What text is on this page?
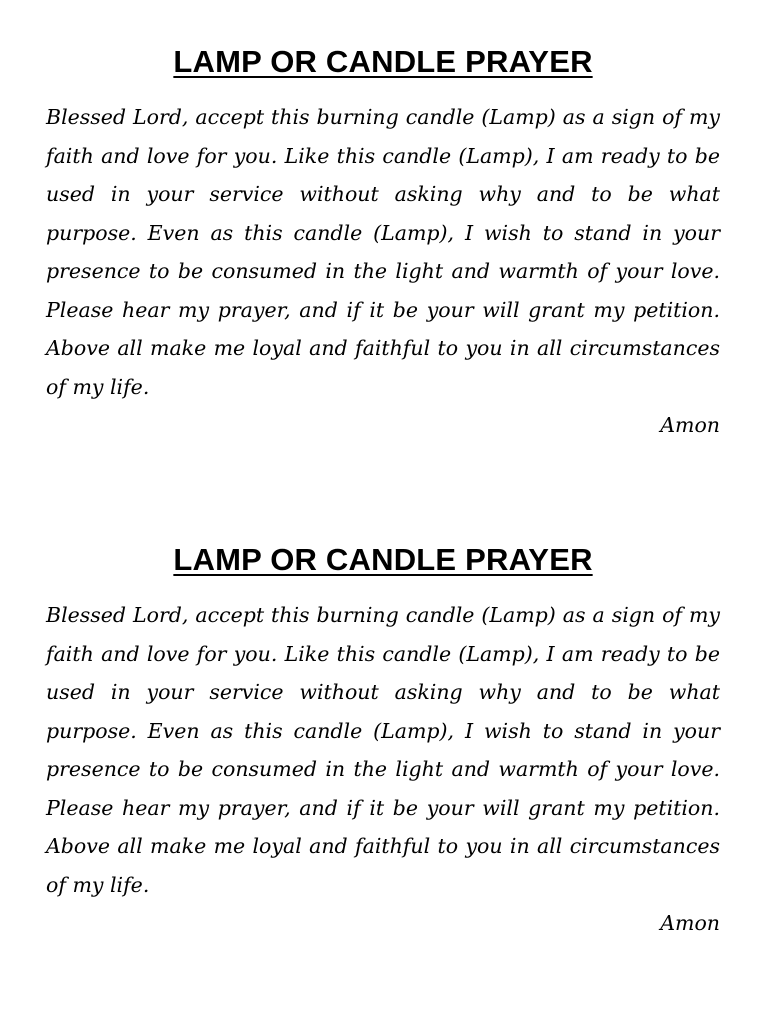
LAMP OR CANDLE PRAYER

Blessed Lord, accept this burning candle (Lamp) as a sign of my faith and love for you. Like this candle (Lamp), I am ready to be used in your service without asking why and to be what purpose. Even as this candle (Lamp), I wish to stand in your presence to be consumed in the light and warmth of your love. Please hear my prayer, and if it be your will grant my petition. Above all make me loyal and faithful to you in all circumstances of my life.

Amon

LAMP OR CANDLE PRAYER

Blessed Lord, accept this burning candle (Lamp) as a sign of my faith and love for you. Like this candle (Lamp), I am ready to be used in your service without asking why and to be what purpose. Even as this candle (Lamp), I wish to stand in your presence to be consumed in the light and warmth of your love. Please hear my prayer, and if it be your will grant my petition. Above all make me loyal and faithful to you in all circumstances of my life.

Amon
